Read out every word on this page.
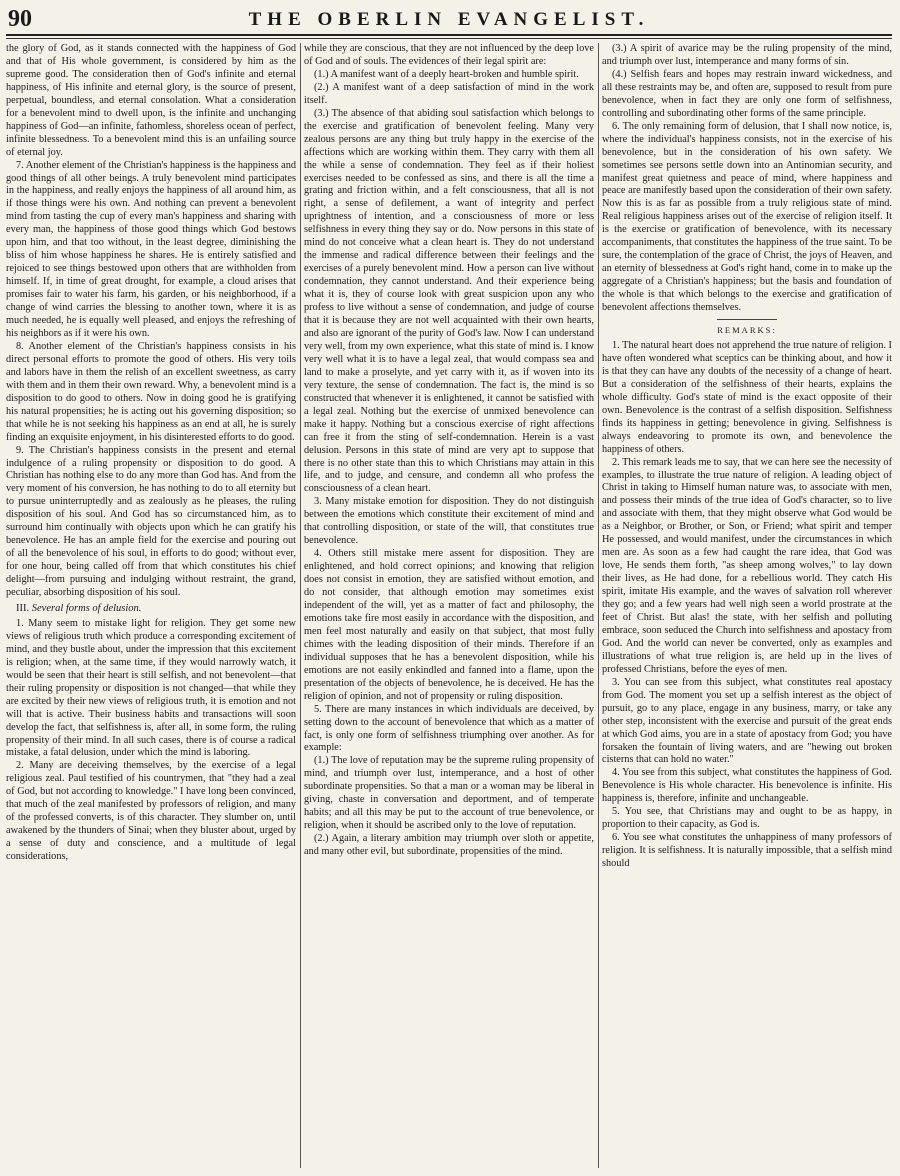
90	THE OBERLIN EVANGELIST.

the glory of God, as it stands connected with the happiness of God and that of His whole government, is considered by him as the supreme good. The consideration then of God's infinite and eternal happiness, of His infinite and eternal glory, is the source of present, perpetual, boundless, and eternal consolation. What a consideration for a benevolent mind to dwell upon, is the infinite and unchanging happiness of God—an infinite, fathomless, shoreless ocean of perfect, infinite blessedness. To a benevolent mind this is an unfailing source of eternal joy.

7. Another element of the Christian's happiness is the happiness and good things of all other beings. A truly benevolent mind participates in the happiness, and really enjoys the happiness of all around him, as if those things were his own. And nothing can prevent a benevolent mind from tasting the cup of every man's happiness and sharing with every man, the happiness of those good things which God bestows upon him, and that too without, in the least degree, diminishing the bliss of him whose happiness he shares. He is entirely satisfied and rejoiced to see things bestowed upon others that are withholden from himself. If, in time of great drought, for example, a cloud arises that promises fair to water his farm, his garden, or his neighborhood, if a change of wind carries the blessing to another town, where it is as much needed, he is equally well pleased, and enjoys the refreshing of his neighbors as if it were his own.

8. Another element of the Christian's happiness consists in his direct personal efforts to promote the good of others. His very toils and labors have in them the relish of an excellent sweetness, as carry with them and in them their own reward. Why, a benevolent mind is a disposition to do good to others. Now in doing good he is gratifying his natural propensities; he is acting out his governing disposition; so that while he is not seeking his happiness as an end at all, he is surely finding an exquisite enjoyment, in his disinterested efforts to do good.

9. The Christian's happiness consists in the present and eternal indulgence of a ruling propensity or disposition to do good. A Christian has nothing else to do any more than God has. And from the very moment of his conversion, he has nothing to do to all eternity but to pursue uninterruptedly and as zealously as he pleases, the ruling disposition of his soul. And God has so circumstanced him, as to surround him continually with objects upon which he can gratify his benevolence. He has an ample field for the exercise and pouring out of all the benevolence of his soul, in efforts to do good; without ever, for one hour, being called off from that which constitutes his chief delight—from pursuing and indulging without restraint, the grand, peculiar, absorbing disposition of his soul.

III. Several forms of delusion.

1. Many seem to mistake light for religion. They get some new views of religious truth which produce a corresponding excitement of mind, and they bustle about, under the impression that this excitement is religion; when, at the same time, if they would narrowly watch, it would be seen that their heart is still selfish, and not benevolent—that their ruling propensity or disposition is not changed—that while they are excited by their new views of religious truth, it is emotion and not will that is active. Their business habits and transactions will soon develop the fact, that selfishness is, after all, in some form, the ruling propensity of their mind. In all such cases, there is of course a radical mistake, a fatal delusion, under which the mind is laboring.

2. Many are deceiving themselves, by the exercise of a legal religious zeal. Paul testified of his countrymen, that "they had a zeal of God, but not according to knowledge." I have long been convinced, that much of the zeal manifested by professors of religion, and many of the professed converts, is of this character. They slumber on, until awakened by the thunders of Sinai; when they bluster about, urged by a sense of duty and conscience, and a multitude of legal considerations,

while they are conscious, that they are not influenced by the deep love of God and of souls. The evidences of their legal spirit are:

(1.) A manifest want of a deeply heart-broken and humble spirit.

(2.) A manifest want of a deep satisfaction of mind in the work itself.

(3.) The absence of that abiding soul satisfaction which belongs to the exercise and gratification of benevolent feeling. Many very zealous persons are any thing but truly happy in the exercise of the affections which are working within them. They carry with them all the while a sense of condemnation. They feel as if their holiest exercises needed to be confessed as sins, and there is all the time a grating and friction within, and a felt consciousness, that all is not right, a sense of defilement, a want of integrity and perfect uprightness of intention, and a consciousness of more or less selfishness in every thing they say or do. Now persons in this state of mind do not conceive what a clean heart is. They do not understand the immense and radical difference between their feelings and the exercises of a purely benevolent mind. How a person can live without condemnation, they cannot understand. And their experience being what it is, they of course look with great suspicion upon any who profess to live without a sense of condemnation, and judge of course that it is because they are not well acquainted with their own hearts, and also are ignorant of the purity of God's law. Now I can understand very well, from my own experience, what this state of mind is. I know very well what it is to have a legal zeal, that would compass sea and land to make a proselyte, and yet carry with it, as if woven into its very texture, the sense of condemnation. The fact is, the mind is so constructed that whenever it is enlightened, it cannot be satisfied with a legal zeal. Nothing but the exercise of unmixed benevolence can make it happy. Nothing but a conscious exercise of right affections can free it from the sting of self-condemnation. Herein is a vast delusion. Persons in this state of mind are very apt to suppose that there is no other state than this to which Christians may attain in this life, and to judge, and censure, and condemn all who profess the consciousness of a clean heart.

3. Many mistake emotion for disposition. They do not distinguish between the emotions which constitute their excitement of mind and that controlling disposition, or state of the will, that constitutes true benevolence.

4. Others still mistake mere assent for disposition. They are enlightened, and hold correct opinions; and knowing that religion does not consist in emotion, they are satisfied without emotion, and do not consider, that although emotion may sometimes exist independent of the will, yet as a matter of fact and philosophy, the emotions take fire most easily in accordance with the disposition, and men feel most naturally and easily on that subject, that most fully chimes with the leading disposition of their minds. Therefore if an individual supposes that he has a benevolent disposition, while his emotions are not easily enkindled and fanned into a flame, upon the presentation of the objects of benevolence, he is deceived. He has the religion of opinion, and not of propensity or ruling disposition.

5. There are many instances in which individuals are deceived, by setting down to the account of benevolence that which as a matter of fact, is only one form of selfishness triumphing over another. As for example:

(1.) The love of reputation may be the supreme ruling propensity of mind, and triumph over lust, intemperance, and a host of other subordinate propensities. So that a man or a woman may be liberal in giving, chaste in conversation and deportment, and of temperate habits; and all this may be put to the account of true benevolence, or religion, when it should be ascribed only to the love of reputation.

(2.) Again, a literary ambition may triumph over sloth or appetite, and many other evil, but subordinate, propensities of the mind.

(3.) A spirit of avarice may be the ruling propensity of the mind, and triumph over lust, intemperance and many forms of sin.

(4.) Selfish fears and hopes may restrain inward wickedness, and all these restraints may be, and often are, supposed to result from pure benevolence, when in fact they are only one form of selfishness, controlling and subordinating other forms of the same principle.

6. The only remaining form of delusion, that I shall now notice, is, where the individual's happiness consists, not in the exercise of his benevolence, but in the consideration of his own safety. We sometimes see persons settle down into an Antinomian security, and manifest great quietness and peace of mind, where happiness and peace are manifestly based upon the consideration of their own safety. Now this is as far as possible from a truly religious state of mind. Real religious happiness arises out of the exercise of religion itself. It is the exercise or gratification of benevolence, with its necessary accompaniments, that constitutes the happiness of the true saint. To be sure, the contemplation of the grace of Christ, the joys of Heaven, and an eternity of blessedness at God's right hand, come in to make up the aggregate of a Christian's happiness; but the basis and foundation of the whole is that which belongs to the exercise and gratification of benevolent affections themselves.

REMARKS:

1. The natural heart does not apprehend the true nature of religion. I have often wondered what sceptics can be thinking about, and how it is that they can have any doubts of the necessity of a change of heart. But a consideration of the selfishness of their hearts, explains the whole difficulty. God's state of mind is the exact opposite of their own. Benevolence is the contrast of a selfish disposition. Selfishness finds its happiness in getting; benevolence in giving. Selfishness is always endeavoring to promote its own, and benevolence the happiness of others.

2. This remark leads me to say, that we can here see the necessity of examples, to illustrate the true nature of religion. A leading object of Christ in taking to Himself human nature was, to associate with men, and possess their minds of the true idea of God's character, so to live and associate with them, that they might observe what God would be as a Neighbor, or Brother, or Son, or Friend; what spirit and temper He possessed, and would manifest, under the circumstances in which men are. As soon as a few had caught the rare idea, that God was love, He sends them forth, "as sheep among wolves," to lay down their lives, as He had done, for a rebellious world. They catch His spirit, imitate His example, and the waves of salvation roll wherever they go; and a few years had well nigh seen a world prostrate at the feet of Christ. But alas! the state, with her selfish and polluting embrace, soon seduced the Church into selfishness and apostacy from God. And the world can never be converted, only as examples and illustrations of what true religion is, are held up in the lives of professed Christians, before the eyes of men.

3. You can see from this subject, what constitutes real apostacy from God. The moment you set up a selfish interest as the object of pursuit, go to any place, engage in any business, marry, or take any other step, inconsistent with the exercise and pursuit of the great ends at which God aims, you are in a state of apostacy from God; you have forsaken the fountain of living waters, and are "hewing out broken cisterns that can hold no water."

4. You see from this subject, what constitutes the happiness of God. Benevolence is His whole character. His benevolence is infinite. His happiness is, therefore, infinite and unchangeable.

5. You see, that Christians may and ought to be as happy, in proportion to their capacity, as God is.

6. You see what constitutes the unhappiness of many professors of religion. It is selfishness. It is naturally impossible, that a selfish mind should
